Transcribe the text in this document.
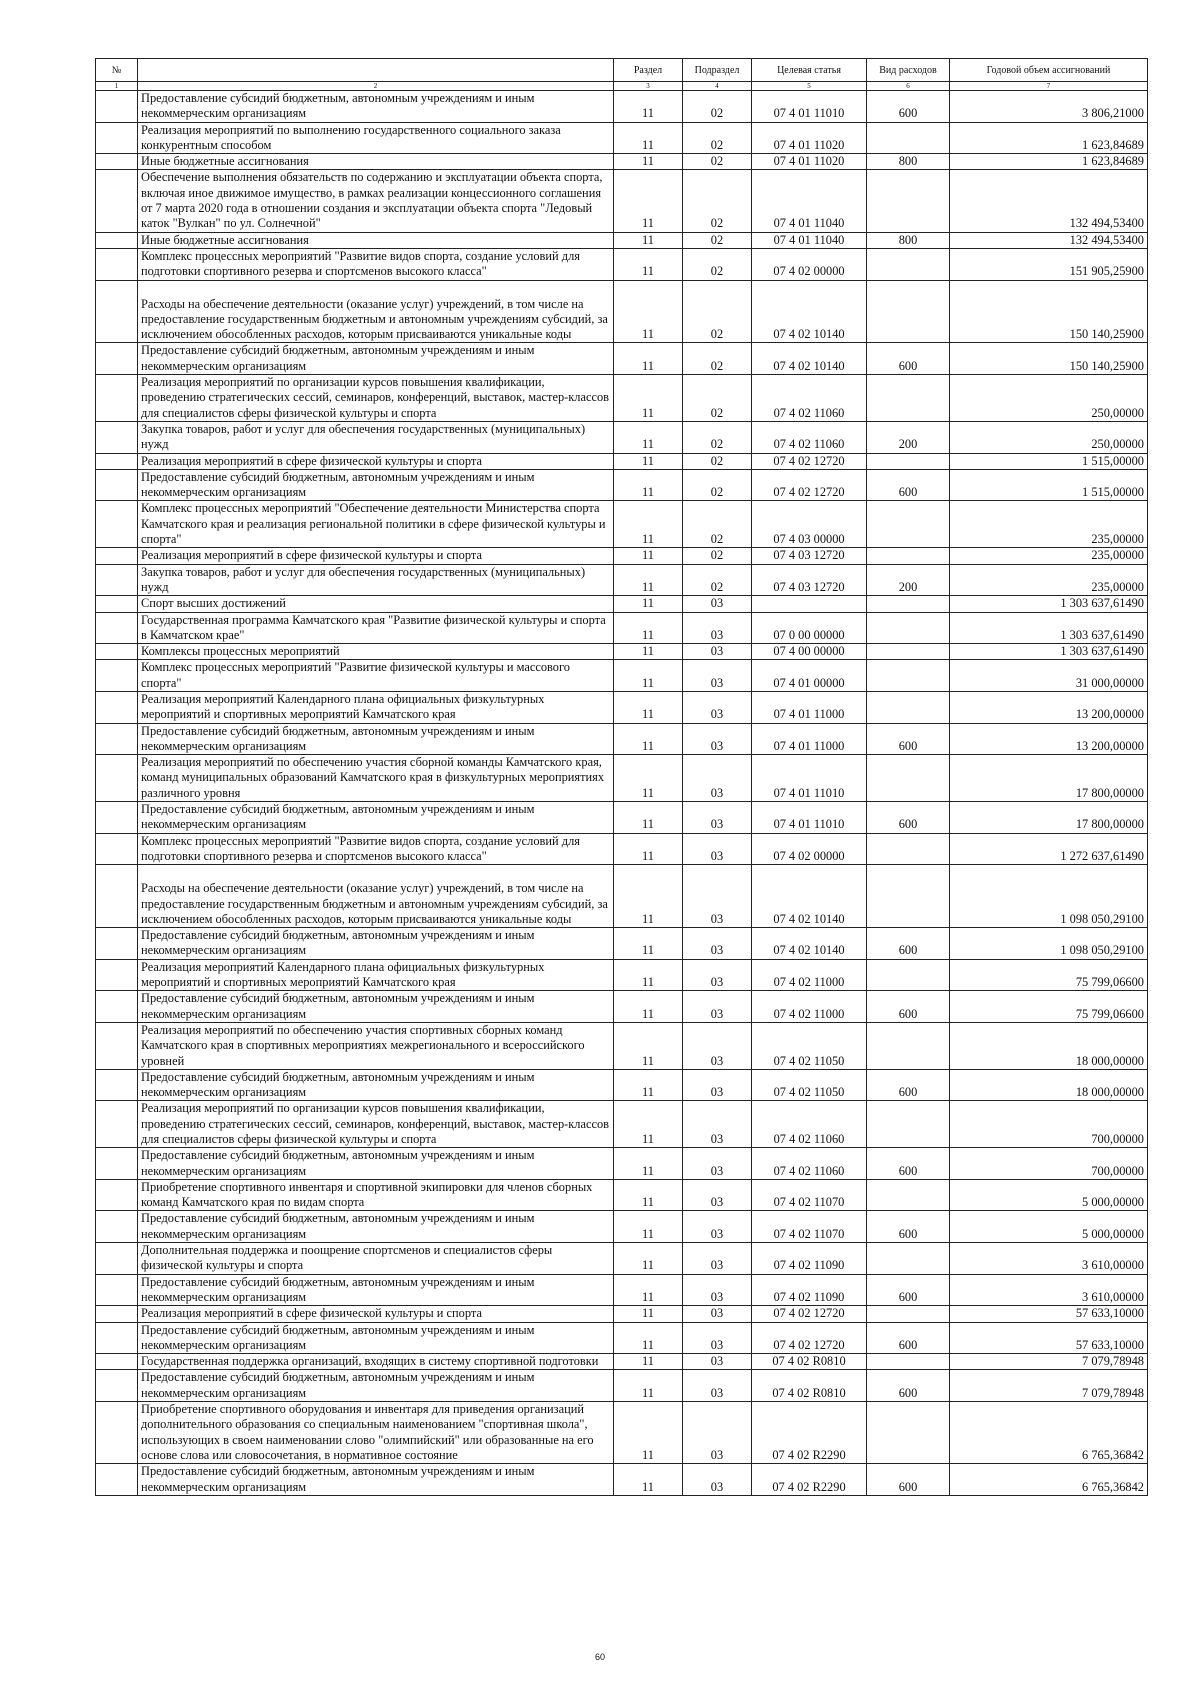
№		Раздел	Подраздел	Целевая статья	Вид расходов	Годовой объем ассигнований
1	2	3	4	5	6	7
	Предоставление субсидий бюджетным, автономным учреждениям и иным некоммерческим организациям	11	02	07 4 01 11010	600	3 806,21000
	Реализация мероприятий по выполнению государственного социального заказа конкурентным способом	11	02	07 4 01 11020		1 623,84689
	Иные бюджетные ассигнования	11	02	07 4 01 11020	800	1 623,84689
	Обеспечение выполнения обязательств по содержанию и эксплуатации объекта спорта, включая иное движимое имущество, в рамках реализации концессионного соглашения от 7 марта 2020 года в отношении создания и эксплуатации объекта спорта "Ледовый каток "Вулкан" по ул. Солнечной"	11	02	07 4 01 11040		132 494,53400
	Иные бюджетные ассигнования	11	02	07 4 01 11040	800	132 494,53400
	Комплекс процессных мероприятий "Развитие видов спорта, создание условий для подготовки спортивного резерва и спортсменов высокого класса"	11	02	07 4 02 00000		151 905,25900
	Расходы на обеспечение деятельности (оказание услуг) учреждений, в том числе на предоставление государственным бюджетным и автономным учреждениям субсидий, за исключением обособленных расходов, которым присваиваются уникальные коды	11	02	07 4 02 10140		150 140,25900
	Предоставление субсидий бюджетным, автономным учреждениям и иным некоммерческим организациям	11	02	07 4 02 10140	600	150 140,25900
	Реализация мероприятий по организации курсов повышения квалификации, проведению стратегических сессий, семинаров, конференций, выставок, мастер-классов для специалистов сферы физической культуры и спорта	11	02	07 4 02 11060		250,00000
	Закупка товаров, работ и услуг для обеспечения государственных (муниципальных) нужд	11	02	07 4 02 11060	200	250,00000
	Реализация мероприятий в сфере физической культуры и спорта	11	02	07 4 02 12720		1 515,00000
	Предоставление субсидий бюджетным, автономным учреждениям и иным некоммерческим организациям	11	02	07 4 02 12720	600	1 515,00000
	Комплекс процессных мероприятий "Обеспечение деятельности Министерства спорта Камчатского края и реализация региональной политики в сфере физической культуры и спорта"	11	02	07 4 03 00000		235,00000
	Реализация мероприятий в сфере физической культуры и спорта	11	02	07 4 03 12720		235,00000
	Закупка товаров, работ и услуг для обеспечения государственных (муниципальных) нужд	11	02	07 4 03 12720	200	235,00000
	Спорт высших достижений	11	03			1 303 637,61490
	Государственная программа Камчатского края "Развитие физической культуры и спорта в Камчатском крае"	11	03	07 0 00 00000		1 303 637,61490
	Комплексы процессных мероприятий	11	03	07 4 00 00000		1 303 637,61490
	Комплекс процессных мероприятий "Развитие физической культуры и массового спорта"	11	03	07 4 01 00000		31 000,00000
	Реализация мероприятий Календарного плана официальных физкультурных мероприятий и спортивных мероприятий Камчатского края	11	03	07 4 01 11000		13 200,00000
	Предоставление субсидий бюджетным, автономным учреждениям и иным некоммерческим организациям	11	03	07 4 01 11000	600	13 200,00000
	Реализация мероприятий по обеспечению участия сборной команды Камчатского края, команд муниципальных образований Камчатского края в физкультурных мероприятиях различного уровня	11	03	07 4 01 11010		17 800,00000
	Предоставление субсидий бюджетным, автономным учреждениям и иным некоммерческим организациям	11	03	07 4 01 11010	600	17 800,00000
	Комплекс процессных мероприятий "Развитие видов спорта, создание условий для подготовки спортивного резерва и спортсменов высокого класса"	11	03	07 4 02 00000		1 272 637,61490
	Расходы на обеспечение деятельности (оказание услуг) учреждений, в том числе на предоставление государственным бюджетным и автономным учреждениям субсидий, за исключением обособленных расходов, которым присваиваются уникальные коды	11	03	07 4 02 10140		1 098 050,29100
	Предоставление субсидий бюджетным, автономным учреждениям и иным некоммерческим организациям	11	03	07 4 02 10140	600	1 098 050,29100
	Реализация мероприятий Календарного плана официальных физкультурных мероприятий и спортивных мероприятий Камчатского края	11	03	07 4 02 11000		75 799,06600
	Предоставление субсидий бюджетным, автономным учреждениям и иным некоммерческим организациям	11	03	07 4 02 11000	600	75 799,06600
	Реализация мероприятий по обеспечению участия спортивных сборных команд Камчатского края в спортивных мероприятиях межрегионального и всероссийского уровней	11	03	07 4 02 11050		18 000,00000
	Предоставление субсидий бюджетным, автономным учреждениям и иным некоммерческим организациям	11	03	07 4 02 11050	600	18 000,00000
	Реализация мероприятий по организации курсов повышения квалификации, проведению стратегических сессий, семинаров, конференций, выставок, мастер-классов для специалистов сферы физической культуры и спорта	11	03	07 4 02 11060		700,00000
	Предоставление субсидий бюджетным, автономным учреждениям и иным некоммерческим организациям	11	03	07 4 02 11060	600	700,00000
	Приобретение спортивного инвентаря и спортивной экипировки для членов сборных команд Камчатского края по видам спорта	11	03	07 4 02 11070		5 000,00000
	Предоставление субсидий бюджетным, автономным учреждениям и иным некоммерческим организациям	11	03	07 4 02 11070	600	5 000,00000
	Дополнительная поддержка и поощрение спортсменов и специалистов сферы физической культуры и спорта	11	03	07 4 02 11090		3 610,00000
	Предоставление субсидий бюджетным, автономным учреждениям и иным некоммерческим организациям	11	03	07 4 02 11090	600	3 610,00000
	Реализация мероприятий в сфере физической культуры и спорта	11	03	07 4 02 12720		57 633,10000
	Предоставление субсидий бюджетным, автономным учреждениям и иным некоммерческим организациям	11	03	07 4 02 12720	600	57 633,10000
	Государственная поддержка организаций, входящих в систему спортивной подготовки	11	03	07 4 02 R0810		7 079,78948
	Предоставление субсидий бюджетным, автономным учреждениям и иным некоммерческим организациям	11	03	07 4 02 R0810	600	7 079,78948
	Приобретение спортивного оборудования и инвентаря для приведения организаций дополнительного образования со специальным наименованием "спортивная школа", использующих в своем наименовании слово "олимпийский" или образованные на его основе слова или словосочетания, в нормативное состояние	11	03	07 4 02 R2290		6 765,36842
	Предоставление субсидий бюджетным, автономным учреждениям и иным некоммерческим организациям	11	03	07 4 02 R2290	600	6 765,36842
60
